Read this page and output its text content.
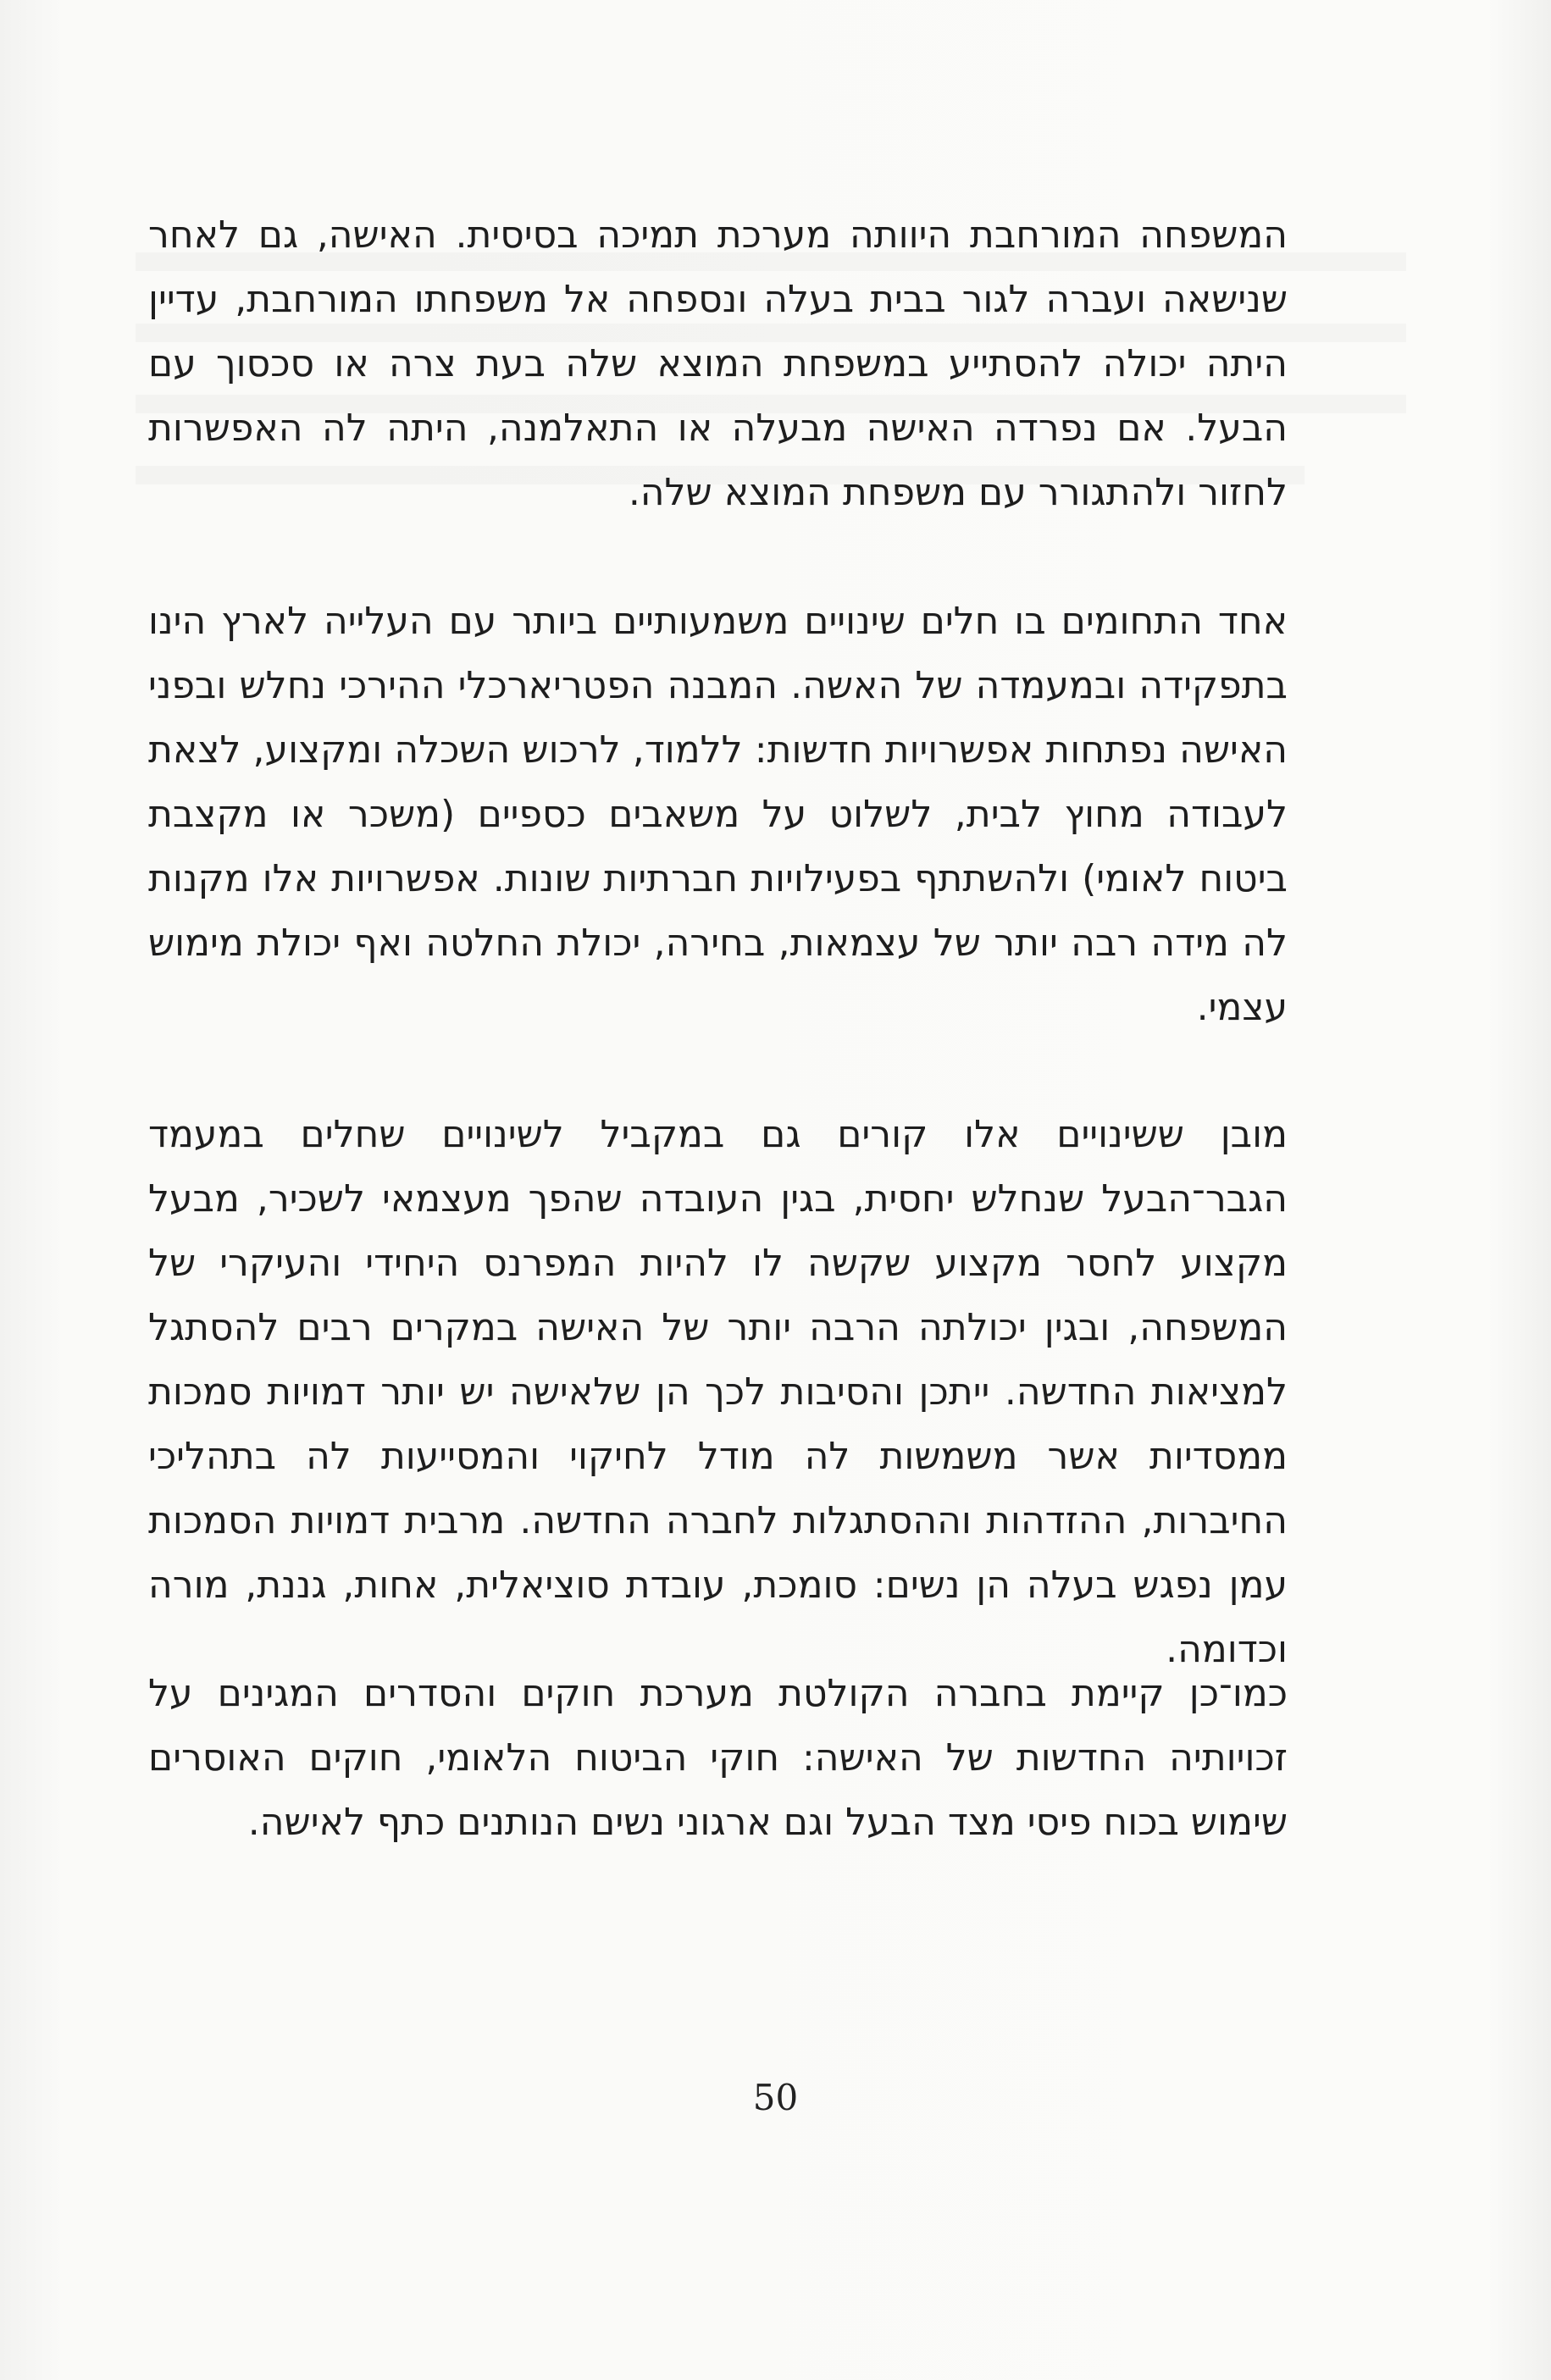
המשפחה המורחבת היוותה מערכת תמיכה בסיסית. האישה, גם לאחר שנישאה ועברה לגור בבית בעלה ונספחה אל משפחתו המורחבת, עדיין היתה יכולה להסתייע במשפחת המוצא שלה בעת צרה או סכסוך עם הבעל. אם נפרדה האישה מבעלה או התאלמנה, היתה לה האפשרות לחזור ולהתגורר עם משפחת המוצא שלה.

אחד התחומים בו חלים שינויים משמעותיים ביותר עם העלייה לארץ הינו בתפקידה ובמעמדה של האשה. המבנה הפטריארכלי ההירכי נחלש ובפני האישה נפתחות אפשרויות חדשות: ללמוד, לרכוש השכלה ומקצוע, לצאת לעבודה מחוץ לבית, לשלוט על משאבים כספיים (משכר או מקצבת ביטוח לאומי) ולהשתתף בפעילויות חברתיות שונות. אפשרויות אלו מקנות לה מידה רבה יותר של עצמאות, בחירה, יכולת החלטה ואף יכולת מימוש עצמי.

מובן ששינויים אלו קורים גם במקביל לשינויים שחלים במעמד הגבר־הבעל שנחלש יחסית, בגין העובדה שהפך מעצמאי לשכיר, מבעל מקצוע לחסר מקצוע שקשה לו להיות המפרנס היחידי והעיקרי של המשפחה, ובגין יכולתה הרבה יותר של האישה במקרים רבים להסתגל למציאות החדשה. ייתכן והסיבות לכך הן שלאישה יש יותר דמויות סמכות ממסדיות אשר משמשות לה מודל לחיקוי והמסייעות לה בתהליכי החיברות, ההזדהות וההסתגלות לחברה החדשה. מרבית דמויות הסמכות עמן נפגש בעלה הן נשים: סומכת, עובדת סוציאלית, אחות, גננת, מורה וכדומה.

כמו־כן קיימת בחברה הקולטת מערכת חוקים והסדרים המגינים על זכויותיה החדשות של האישה: חוקי הביטוח הלאומי, חוקים האוסרים שימוש בכוח פיסי מצד הבעל וגם ארגוני נשים הנותנים כתף לאישה.

50
